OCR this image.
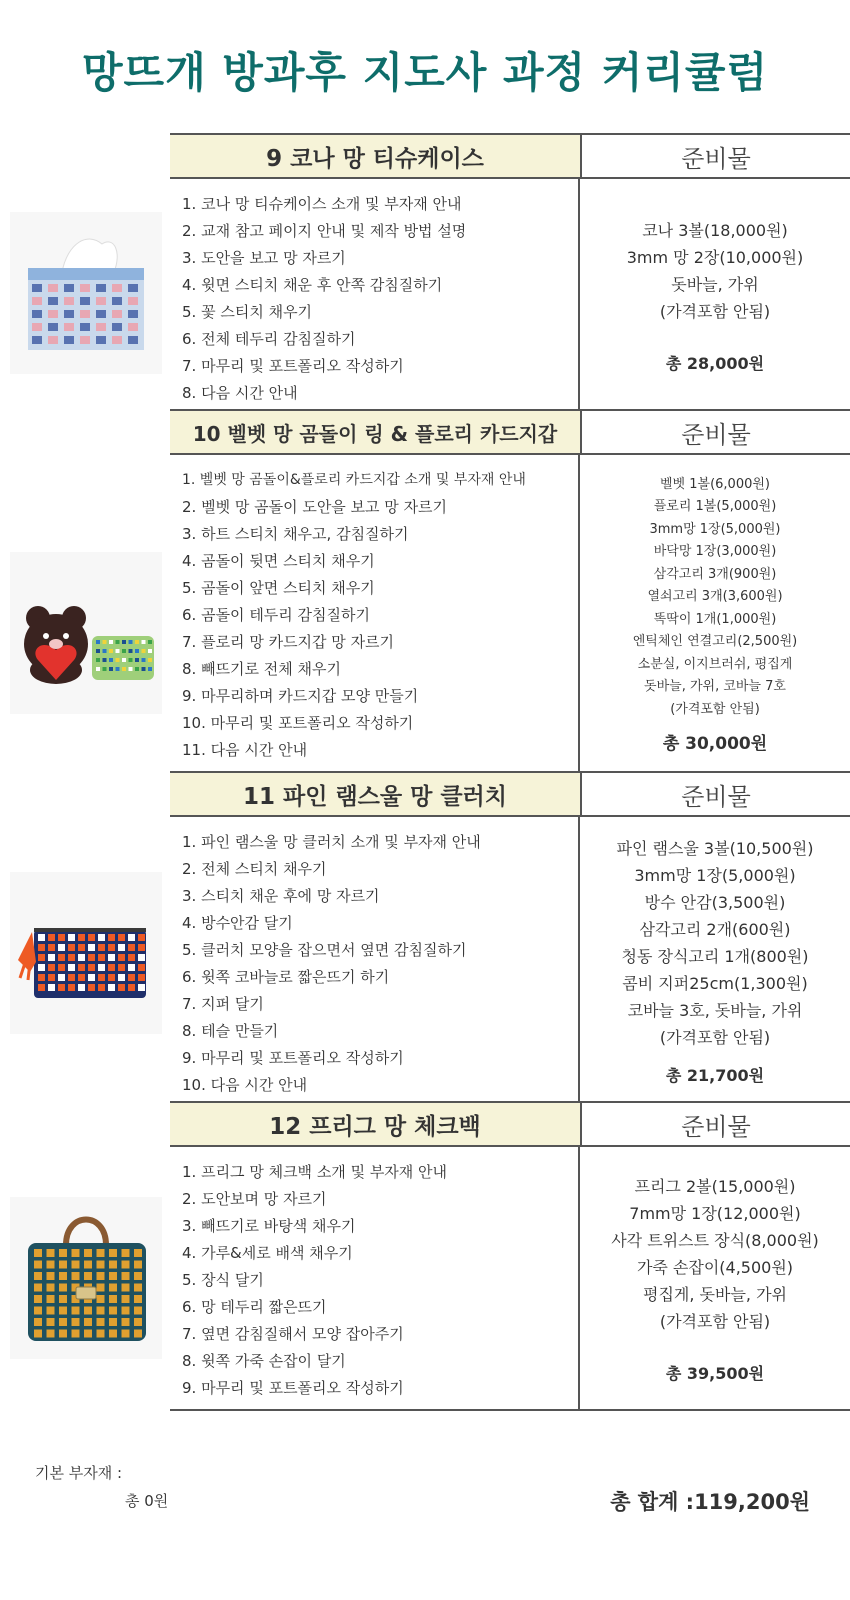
망뜨개 방과후 지도사 과정 커리큘럼
9 코나 망 티슈케이스	준비물
1. 코나 망 티슈케이스 소개 및 부자재 안내
2. 교재 참고 페이지 안내 및 제작 방법 설명
3. 도안을 보고 망 자르기
4. 윗면 스티치 채운 후 안쪽 감침질하기
5. 꽃 스티치 채우기
6. 전체 테두리 감침질하기
7. 마무리 및 포트폴리오 작성하기
8. 다음 시간 안내
코나 3볼(18,000원)
3mm 망 2장(10,000원)
돗바늘, 가위
(가격포함 안됨)
총 28,000원
10 벨벳 망 곰돌이 링 & 플로리 카드지갑	준비물
1. 벨벳 망 곰돌이&플로리 카드지갑 소개 및 부자재 안내
2. 벨벳 망 곰돌이 도안을 보고 망 자르기
3. 하트 스티치 채우고, 감침질하기
4. 곰돌이 뒷면 스티치 채우기
5. 곰돌이 앞면 스티치 채우기
6. 곰돌이 테두리 감침질하기
7. 플로리 망 카드지갑 망 자르기
8. 빼뜨기로 전체 채우기
9. 마무리하며 카드지갑 모양 만들기
10. 마무리 및 포트폴리오 작성하기
11. 다음 시간 안내
벨벳 1볼(6,000원)
플로리 1볼(5,000원)
3mm망 1장(5,000원)
바닥망 1장(3,000원)
삼각고리 3개(900원)
열쇠고리 3개(3,600원)
똑딱이 1개(1,000원)
엔틱체인 연결고리(2,500원)
소분실, 이지브러쉬, 평집게
돗바늘, 가위, 코바늘 7호
(가격포함 안됨)
총 30,000원
11 파인 램스울 망 클러치	준비물
1. 파인 램스울 망 클러치 소개 및 부자재 안내
2. 전체 스티치 채우기
3. 스티치 채운 후에 망 자르기
4. 방수안감 달기
5. 클러치 모양을 잡으면서 옆면 감침질하기
6. 윗쪽 코바늘로 짧은뜨기 하기
7. 지퍼 달기
8. 테슬 만들기
9. 마무리 및 포트폴리오 작성하기
10. 다음 시간 안내
파인 램스울 3볼(10,500원)
3mm망 1장(5,000원)
방수 안감(3,500원)
삼각고리 2개(600원)
청동 장식고리 1개(800원)
콤비 지퍼25cm(1,300원)
코바늘 3호, 돗바늘, 가위
(가격포함 안됨)
총 21,700원
12 프리그 망 체크백	준비물
1. 프리그 망 체크백 소개 및 부자재 안내
2. 도안보며 망 자르기
3. 빼뜨기로 바탕색 채우기
4. 가루&세로 배색 채우기
5. 장식 달기
6. 망 테두리 짧은뜨기
7. 옆면 감침질해서 모양 잡아주기
8. 윗쪽 가죽 손잡이 달기
9. 마무리 및 포트폴리오 작성하기
프리그 2볼(15,000원)
7mm망 1장(12,000원)
사각 트위스트 장식(8,000원)
가죽 손잡이(4,500원)
평집게, 돗바늘, 가위
(가격포함 안됨)
총 39,500원
기본 부자재 :
총 0원	총 합계 :119,200원
